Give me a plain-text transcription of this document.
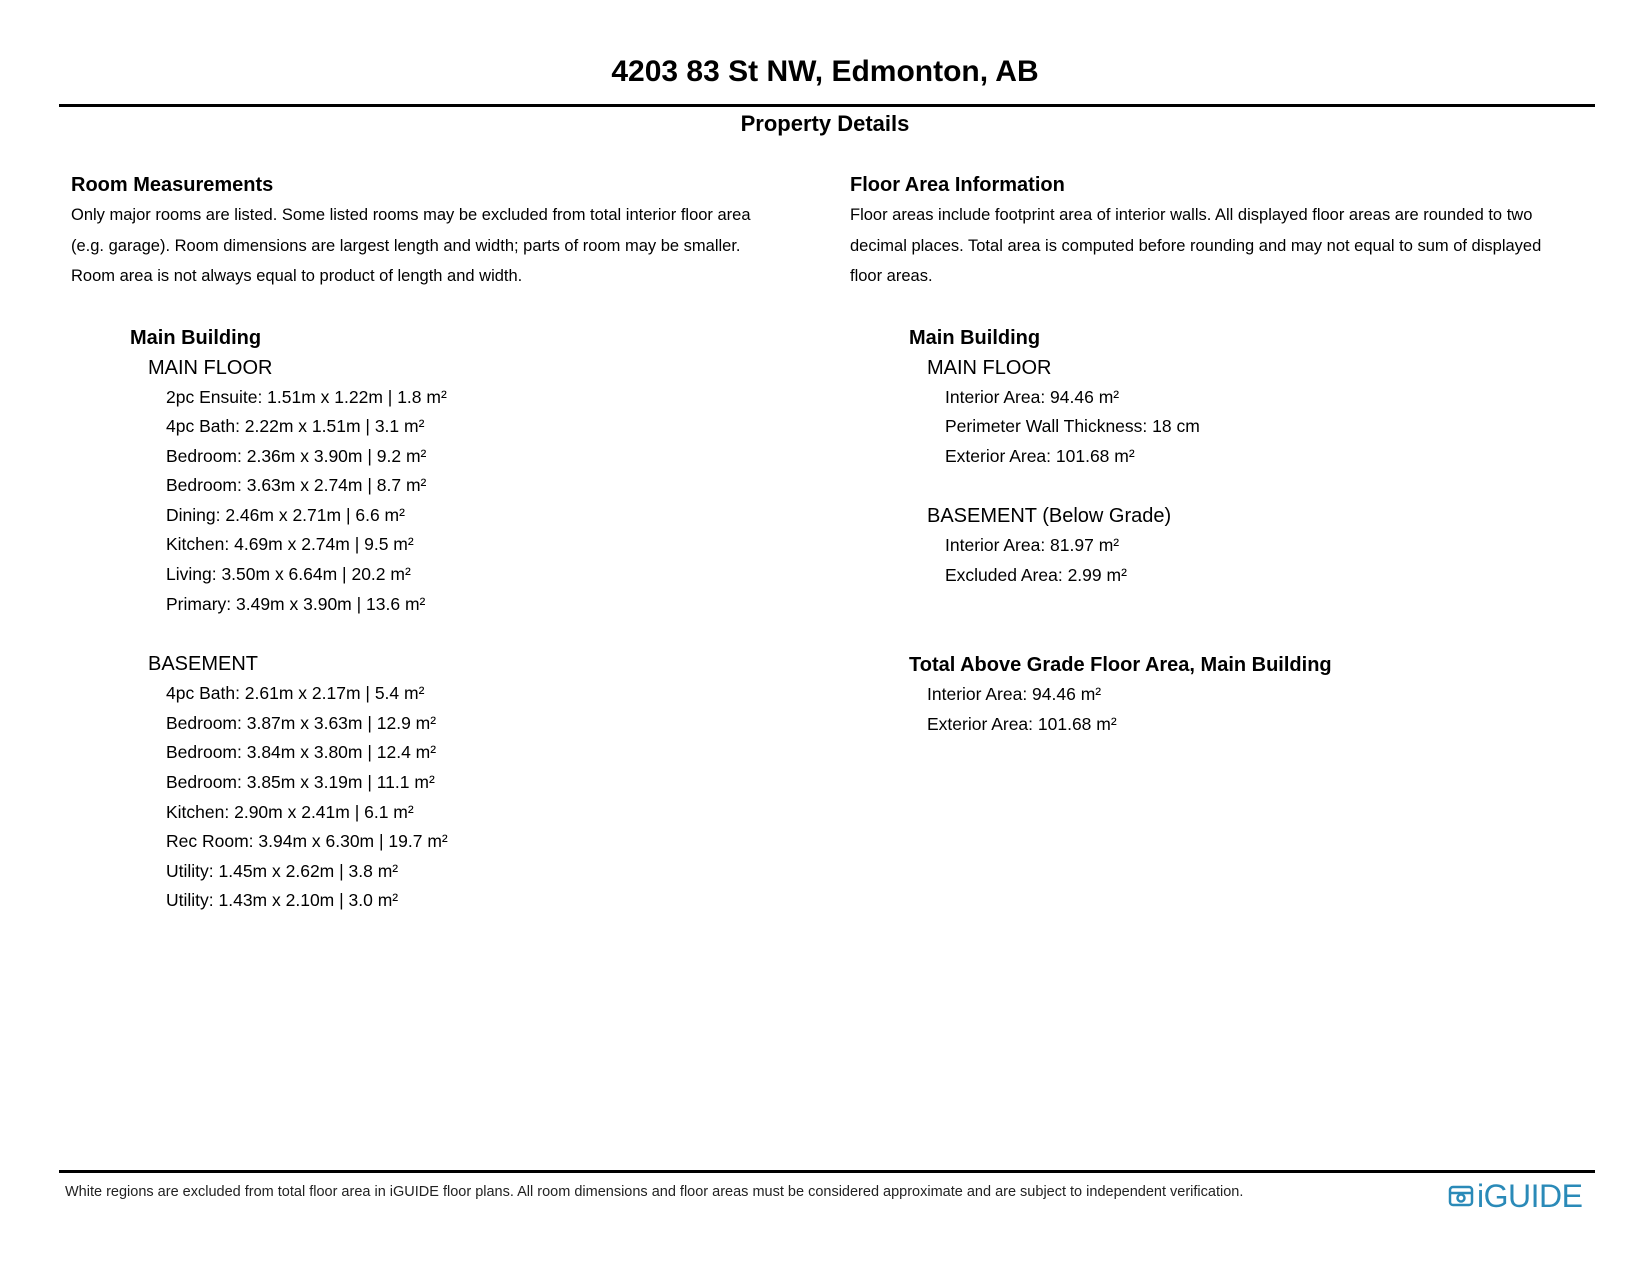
4203 83 St NW, Edmonton, AB
Property Details
Room Measurements
Only major rooms are listed. Some listed rooms may be excluded from total interior floor area
(e.g. garage). Room dimensions are largest length and width; parts of room may be smaller.
Room area is not always equal to product of length and width.
Main Building
MAIN FLOOR
2pc Ensuite: 1.51m x 1.22m | 1.8 m²
4pc Bath: 2.22m x 1.51m | 3.1 m²
Bedroom: 2.36m x 3.90m | 9.2 m²
Bedroom: 3.63m x 2.74m | 8.7 m²
Dining: 2.46m x 2.71m | 6.6 m²
Kitchen: 4.69m x 2.74m | 9.5 m²
Living: 3.50m x 6.64m | 20.2 m²
Primary: 3.49m x 3.90m | 13.6 m²
BASEMENT
4pc Bath: 2.61m x 2.17m | 5.4 m²
Bedroom: 3.87m x 3.63m | 12.9 m²
Bedroom: 3.84m x 3.80m | 12.4 m²
Bedroom: 3.85m x 3.19m | 11.1 m²
Kitchen: 2.90m x 2.41m | 6.1 m²
Rec Room: 3.94m x 6.30m | 19.7 m²
Utility: 1.45m x 2.62m | 3.8 m²
Utility: 1.43m x 2.10m | 3.0 m²
Floor Area Information
Floor areas include footprint area of interior walls. All displayed floor areas are rounded to two
decimal places. Total area is computed before rounding and may not equal to sum of displayed
floor areas.
Main Building
MAIN FLOOR
Interior Area: 94.46 m²
Perimeter Wall Thickness: 18 cm
Exterior Area: 101.68 m²
BASEMENT (Below Grade)
Interior Area: 81.97 m²
Excluded Area: 2.99 m²
Total Above Grade Floor Area, Main Building
Interior Area: 94.46 m²
Exterior Area: 101.68 m²
White regions are excluded from total floor area in iGUIDE floor plans. All room dimensions and floor areas must be considered approximate and are subject to independent verification.	iGUIDE
